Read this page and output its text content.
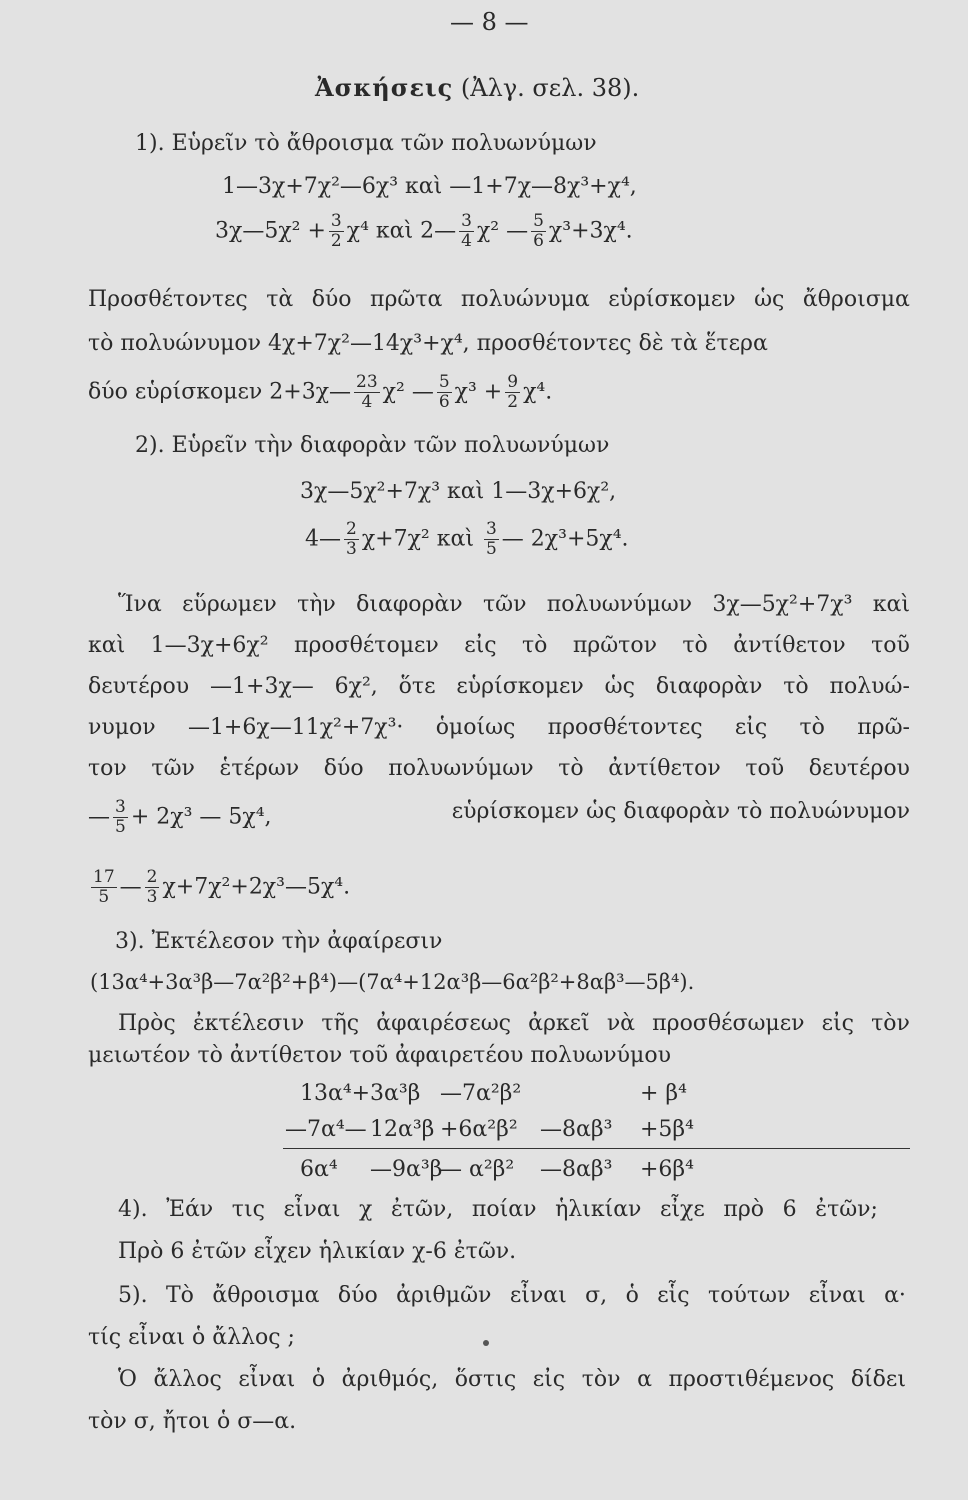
— 8 —
Ἀσκήσεις (Ἀλγ. σελ. 38).
1). Εὑρεῖν τὸ ἄθροισμα τῶν πολυωνύμων
1—3χ+7χ²—6χ³ καὶ —1+7χ—8χ³+χ⁴,
3χ—5χ² + $\frac{3}{2} \chi^4$ καὶ 2— $\frac{3}{4} \chi^2$ — $\frac{5}{6} \chi^3+3\chi^4$.
Προσθέτοντες τὰ δύο πρῶτα πολυώνυμα εὑρίσκομεν ὡς ἄθροισμα
τὸ πολυώνυμον 4χ+7χ²—14χ³+χ⁴, προσθέτοντες δὲ τὰ ἕτερα
δύο εὑρίσκομεν 2+3χ— $\frac{23}{4} \chi^2$ — $\frac{5}{6} \chi^3 + \frac{9}{2} \chi^4$.
2). Εὑρεῖν τὴν διαφορὰν τῶν πολυωνύμων
3χ—5χ²+7χ³ καὶ 1—3χ+6χ²,
4— $\frac{2}{3} \chi+7\chi^2$ καὶ $\frac{3}{5}$ — 2χ³+5χ⁴.
Ἵνα εὕρωμεν τὴν διαφορὰν τῶν πολυωνύμων 3χ—5χ²+7χ³ καὶ
καὶ 1—3χ+6χ² προσθέτομεν εἰς τὸ πρῶτον τὸ ἀντίθετον τοῦ
δευτέρου —1+3χ— 6χ², ὅτε εὑρίσκομεν ὡς διαφορὰν τὸ πολυώ-
νυμον —1+6χ—11χ²+7χ³· ὁμοίως προσθέτοντες εἰς τὸ πρῶ-
τον τῶν ἑτέρων δύο πολυωνύμων τὸ ἀντίθετον τοῦ δευτέρου
— $\frac{3}{5} + 2\chi^3$ — 5χ⁴,	εὑρίσκομεν ὡς διαφορὰν τὸ πολυώνυμον
$\frac{17}{5}$ — $\frac{2}{3}$ χ+7χ²+2χ³—5χ⁴.
3). Ἐκτέλεσον τὴν ἀφαίρεσιν
(13α⁴+3α³β—7α²β²+β⁴)—(7α⁴+12α³β—6α²β²+8αβ³—5β⁴).
Πρὸς ἐκτέλεσιν τῆς ἀφαιρέσεως ἀρκεῖ νὰ προσθέσωμεν εἰς τὸν
μειωτέον τὸ ἀντίθετον τοῦ ἀφαιρετέου πολυωνύμου
13α⁴+3α³β —7α²β²	+ β⁴
—7α⁴— 12α³β +6α²β² —8αβ³ +5β⁴
6α⁴ —9α³β— α²β² —8αβ³ +6β⁴
4). Ἐάν τις εἶναι χ ἐτῶν, ποίαν ἡλικίαν εἶχε πρὸ 6 ἐτῶν;
Πρὸ 6 ἐτῶν εἶχεν ἡλικίαν χ-6 ἐτῶν.
5). Τὸ ἄθροισμα δύο ἀριθμῶν εἶναι σ, ὁ εἷς τούτων εἶναι α·
τίς εἶναι ὁ ἄλλος ;
Ὁ ἄλλος εἶναι ὁ ἀριθμός, ὅστις εἰς τὸν α προστιθέμενος δίδει
τὸν σ, ἤτοι ὁ σ—α.
